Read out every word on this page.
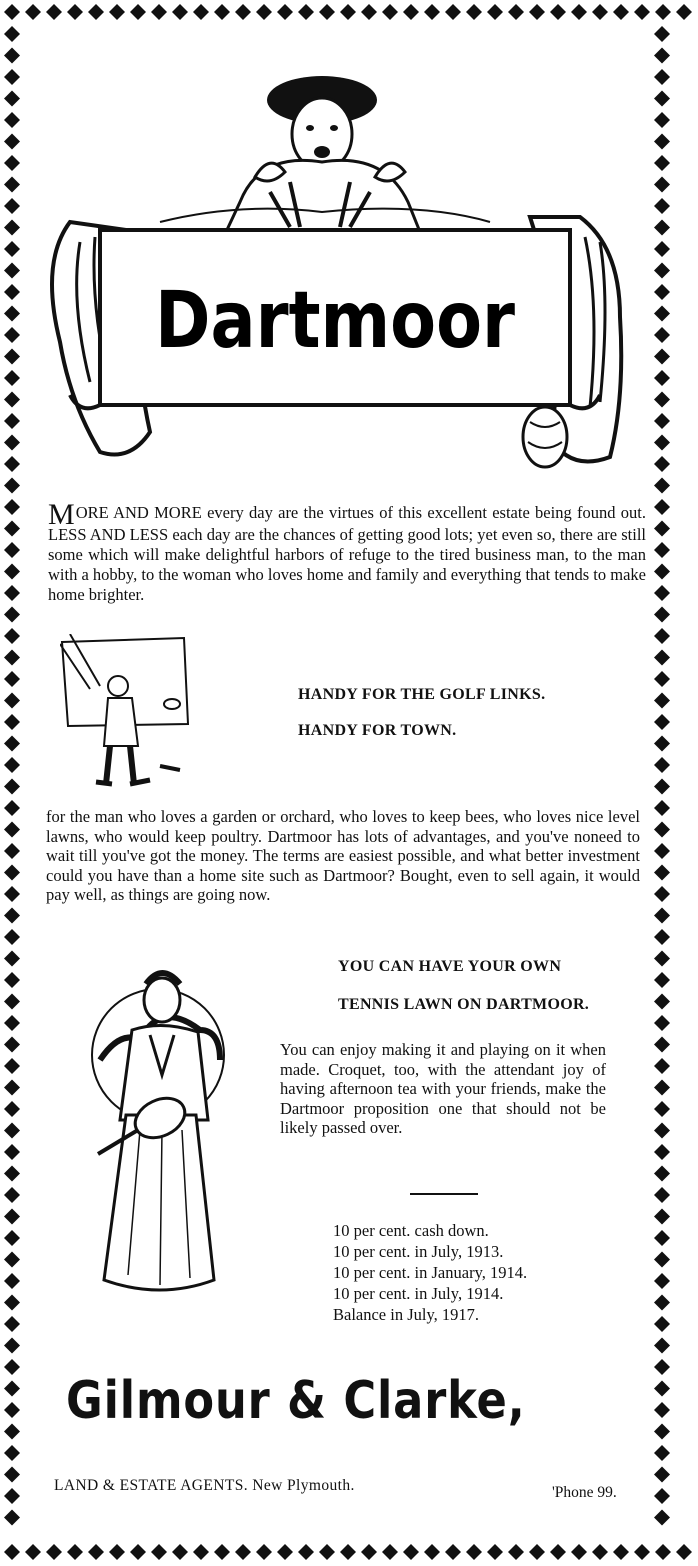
Dartmoor
MORE AND MORE every day are the virtues of this excellent estate being found out. LESS AND LESS each day are the chances of getting good lots; yet even so, there are still some which will make delightful harbors of refuge to the tired business man, to the man with a hobby, to the woman who loves home and family and everything that tends to make home brighter.
HANDY FOR THE GOLF LINKS.
HANDY FOR TOWN.
for the man who loves a garden or orchard, who loves to keep bees, who loves nice level lawns, who would keep poultry. Dartmoor has lots of advantages, and you've noneed to wait till you've got the money. The terms are easiest possible, and what better investment could you have than a home site such as Dartmoor? Bought, even to sell again, it would pay well, as things are going now.
YOU CAN HAVE YOUR OWN
TENNIS LAWN ON DARTMOOR.
You can enjoy making it and playing on it when made. Croquet, too, with the attendant joy of having afternoon tea with your friends, make the Dartmoor proposition one that should not be likely passed over.
10 per cent. cash down.
10 per cent. in July, 1913.
10 per cent. in January, 1914.
10 per cent. in July, 1914.
Balance in July, 1917.
Gilmour & Clarke,
LAND & ESTATE AGENTS. New Plymouth.	'Phone 99.
